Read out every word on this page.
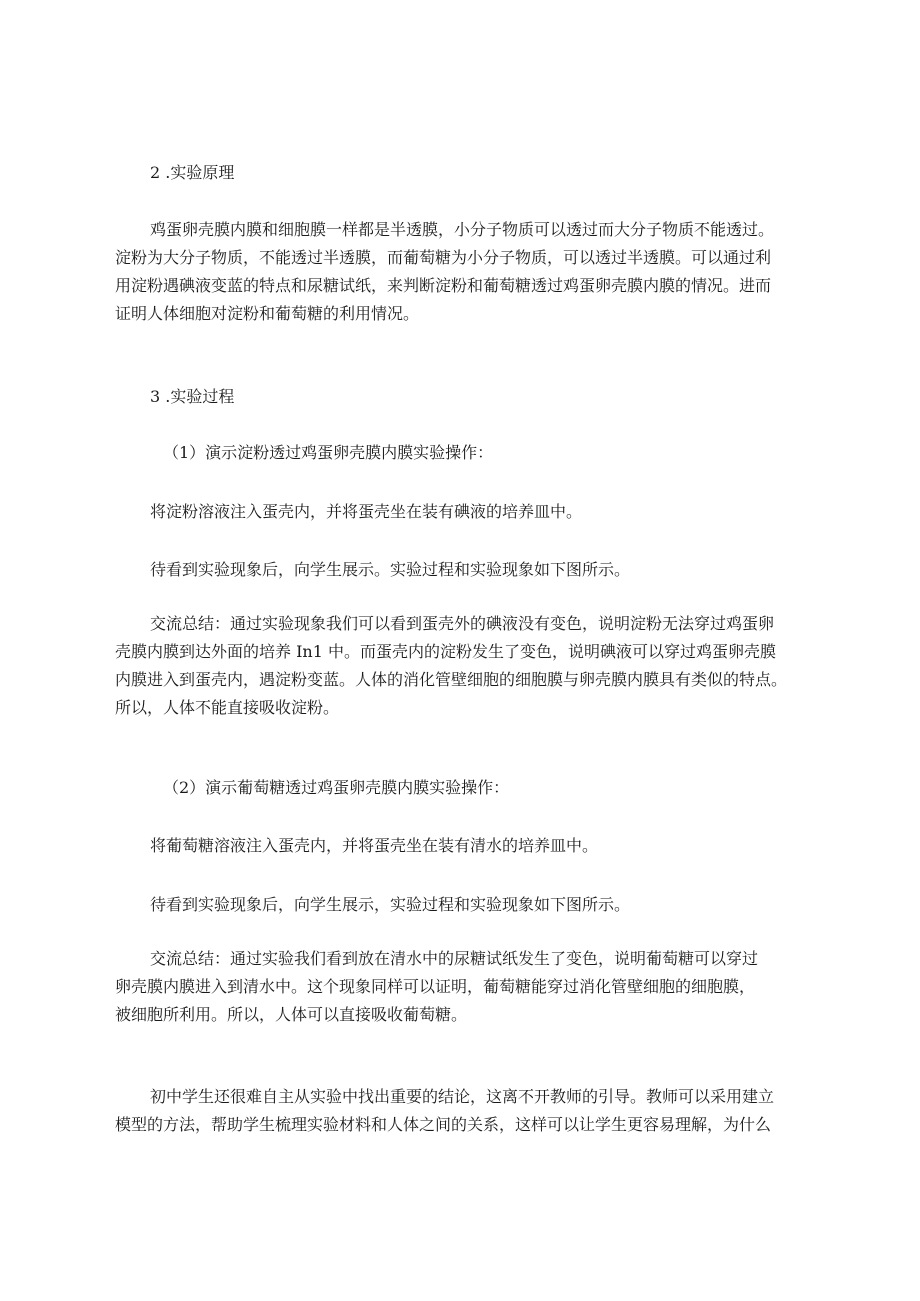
2 .实验原理
鸡蛋卵壳膜内膜和细胞膜一样都是半透膜，小分子物质可以透过而大分子物质不能透过。
淀粉为大分子物质，不能透过半透膜，而葡萄糖为小分子物质，可以透过半透膜。可以通过利
用淀粉遇碘液变蓝的特点和尿糖试纸，来判断淀粉和葡萄糖透过鸡蛋卵壳膜内膜的情况。进而
证明人体细胞对淀粉和葡萄糖的利用情况。
3 .实验过程
（1）演示淀粉透过鸡蛋卵壳膜内膜实验操作：
将淀粉溶液注入蛋壳内，并将蛋壳坐在装有碘液的培养皿中。
待看到实验现象后，向学生展示。实验过程和实验现象如下图所示。
交流总结：通过实验现象我们可以看到蛋壳外的碘液没有变色，说明淀粉无法穿过鸡蛋卵
壳膜内膜到达外面的培养 In1 中。而蛋壳内的淀粉发生了变色，说明碘液可以穿过鸡蛋卵壳膜
内膜进入到蛋壳内，遇淀粉变蓝。人体的消化管壁细胞的细胞膜与卵壳膜内膜具有类似的特点。
所以，人体不能直接吸收淀粉。
（2）演示葡萄糖透过鸡蛋卵壳膜内膜实验操作：
将葡萄糖溶液注入蛋壳内，并将蛋壳坐在装有清水的培养皿中。
待看到实验现象后，向学生展示，实验过程和实验现象如下图所示。
交流总结：通过实验我们看到放在清水中的尿糖试纸发生了变色，说明葡萄糖可以穿过
卵壳膜内膜进入到清水中。这个现象同样可以证明，葡萄糖能穿过消化管壁细胞的细胞膜，
被细胞所利用。所以，人体可以直接吸收葡萄糖。
初中学生还很难自主从实验中找出重要的结论，这离不开教师的引导。教师可以采用建立
模型的方法，帮助学生梳理实验材料和人体之间的关系，这样可以让学生更容易理解，为什么
